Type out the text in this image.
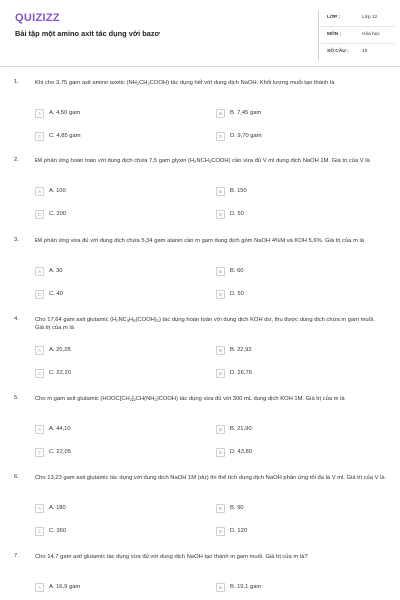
QUIZIZZ
Bài tập một amino axit tác dụng với bazơ
LỚP :	Lớp 12
MÔN :	Hóa học
SỐ CÂU :	10
1.	Khi cho 3,75 gam axit amino axetic $(NH_2CH_2COOH)$ tác dụng hết với dung dịch NaOH. Khối lượng muối tạo thành là
A	A. 4,50 gam	B	B. 7,45 gam
C	C. 4,85 gam	D	D. 9,70 gam
2.	Để phản ứng hoàn toàn với dung dịch chứa 7,5 gam glyxin $(H_2NCH_2COOH)$ cần vừa đủ V ml dung dịch NaOH 1M. Giá trị của V là
A	A. 100	B	B. 150
C	C. 200	D	D. 50
3.	Để phản ứng vừa đủ với dung dịch chứa 5,34 gam alanin cần m gam dung dịch gồm NaOH 4%M và KOH 5,6%. Giá trị của m là
A	A. 30	B	B. 60
C	C. 40	D	D. 50
4.	Cho 17,64 gam axit glutamic $(H_2NC_3H_5(COOH)_2)$ tác dụng hoàn toàn với dung dịch KOH dư, thu được dung dịch chứa m gam muối. Giá trị của m là
A	A. 20,28	B	B. 22,92
C	C. 22,20	D	D. 26,76
5.	Cho m gam axit glutamic $(HOOC[CH_2]_2CH(NH_2)COOH)$ tác dụng vừa đủ với 300 mL dung dịch KOH 1M. Giá trị của m là
A	A. 44,10	B	B. 21,90
C	C. 22,05	D	D. 43,80
6.	Cho 13,23 gam axit glutamic tác dụng với dung dịch NaOH 1M (dư) thì thể tích dung dịch NaOH phản ứng tối đa là V ml. Giá trị của V là
A	A. 180	B	B. 90
C	C. 360	D	D. 120
7.	Cho 14,7 gam axit glutamic tác dụng vừa đủ với dung dịch NaOH tạo thành m gam muối. Giá trị của m là?
A	A. 16,9 gam	B	B. 19,1 gam
